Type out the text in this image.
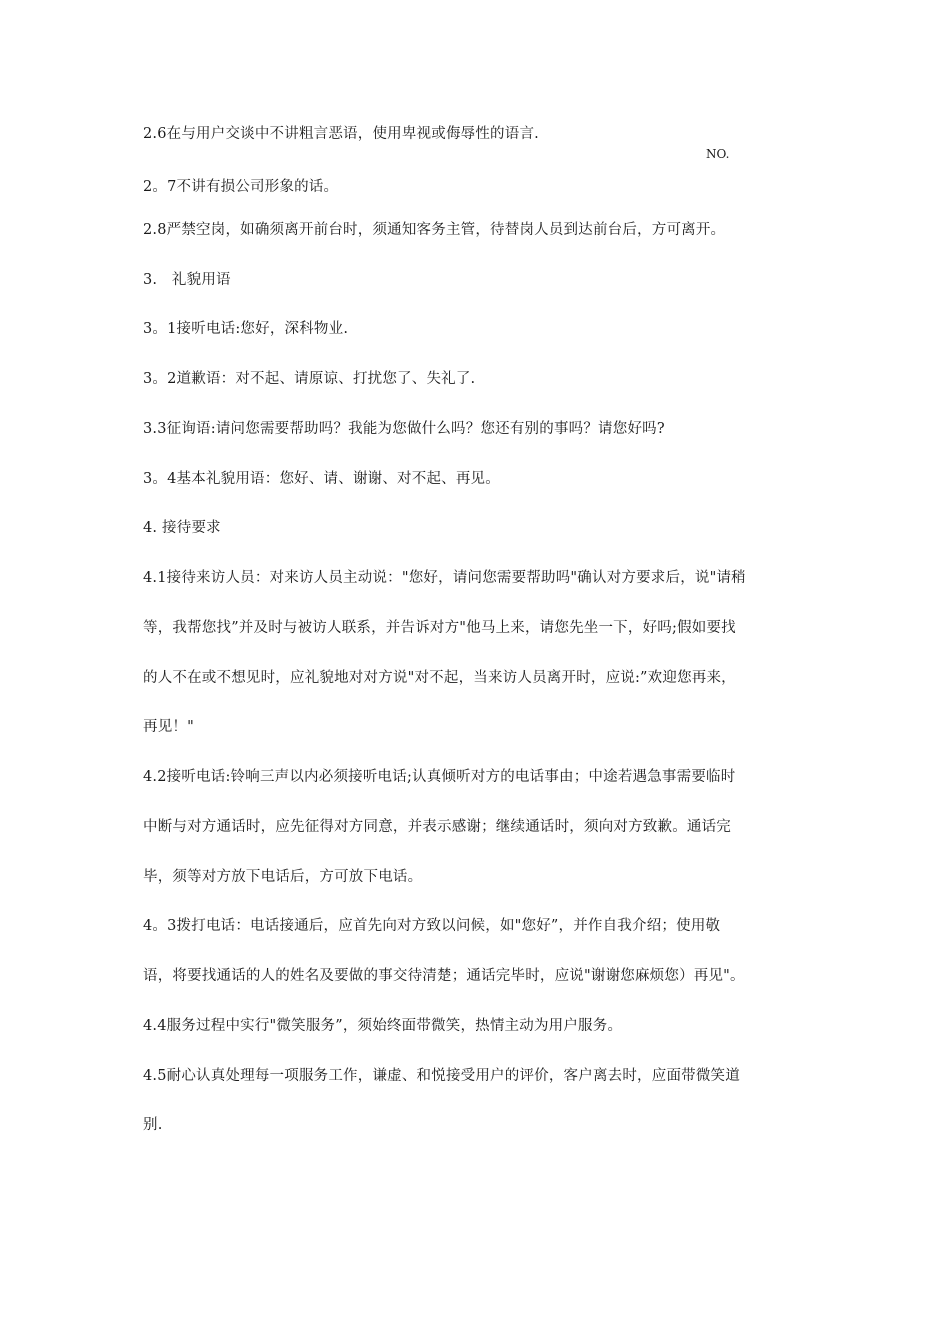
NO.
2.6在与用户交谈中不讲粗言恶语，使用卑视或侮辱性的语言.
2。7不讲有损公司形象的话。
2.8严禁空岗，如确须离开前台时，须通知客务主管，待替岗人员到达前台后，方可离开。
3.　礼貌用语
3。1接听电话:您好，深科物业.
3。2道歉语：对不起、请原谅、打扰您了、失礼了.
3.3征询语:请问您需要帮助吗？我能为您做什么吗？您还有别的事吗？请您好吗?
3。4基本礼貌用语：您好、请、谢谢、对不起、再见。
4. 接待要求
4.1接待来访人员：对来访人员主动说："您好，请问您需要帮助吗"确认对方要求后，说"请稍
等，我帮您找”并及时与被访人联系，并告诉对方"他马上来，请您先坐一下，好吗;假如要找
的人不在或不想见时，应礼貌地对对方说"对不起，当来访人员离开时，应说:”欢迎您再来，
再见！"
4.2接听电话:铃响三声以内必须接听电话;认真倾听对方的电话事由；中途若遇急事需要临时
中断与对方通话时，应先征得对方同意，并表示感谢；继续通话时，须向对方致歉。通话完
毕，须等对方放下电话后，方可放下电话。
4。3拨打电话：电话接通后，应首先向对方致以问候，如"您好”，并作自我介绍；使用敬
语，将要找通话的人的姓名及要做的事交待清楚；通话完毕时，应说"谢谢您麻烦您）再见"。
4.4服务过程中实行"微笑服务”，须始终面带微笑，热情主动为用户服务。
4.5耐心认真处理每一项服务工作，谦虚、和悦接受用户的评价，客户离去时，应面带微笑道
别.
